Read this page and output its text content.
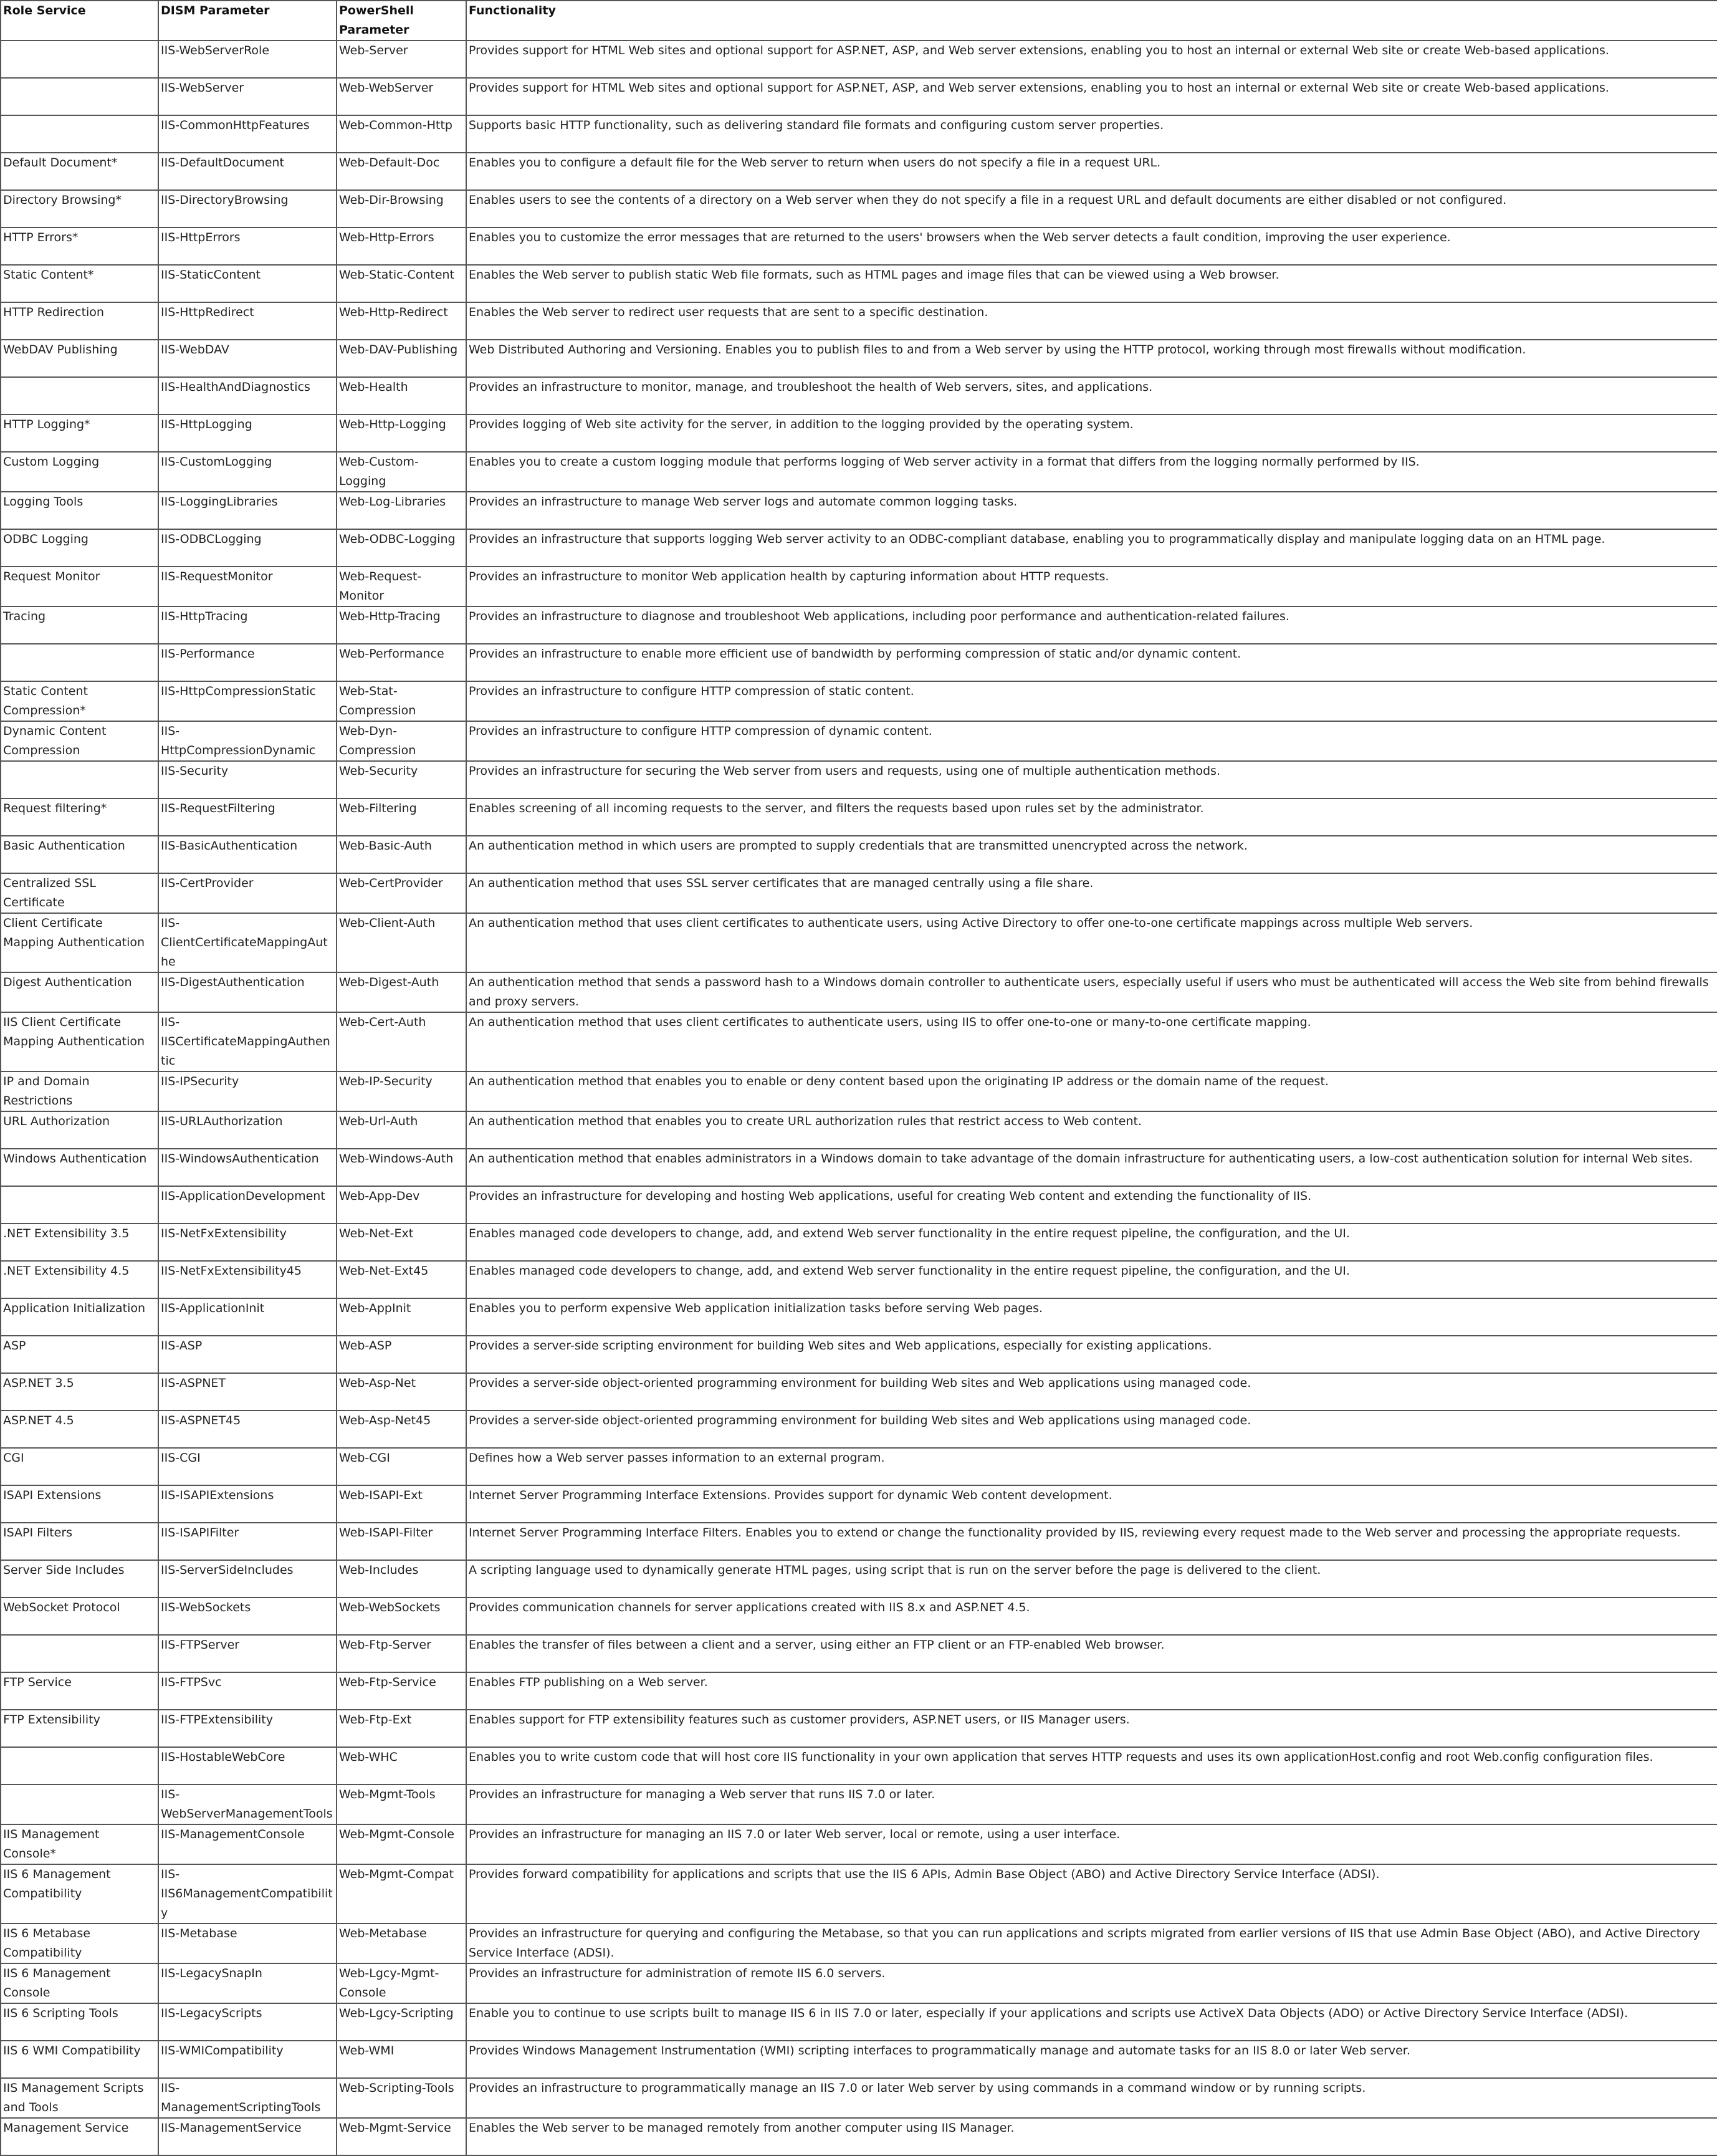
Role Service	DISM Parameter	PowerShell Parameter	Functionality
	IIS-WebServerRole	Web-Server	Provides support for HTML Web sites and optional support for ASP.NET, ASP, and Web server extensions, enabling you to host an internal or external Web site or create Web-based applications.
	IIS-WebServer	Web-WebServer	Provides support for HTML Web sites and optional support for ASP.NET, ASP, and Web server extensions, enabling you to host an internal or external Web site or create Web-based applications.
	IIS-CommonHttpFeatures	Web-Common-Http	Supports basic HTTP functionality, such as delivering standard file formats and configuring custom server properties.
Default Document*	IIS-DefaultDocument	Web-Default-Doc	Enables you to configure a default file for the Web server to return when users do not specify a file in a request URL.
Directory Browsing*	IIS-DirectoryBrowsing	Web-Dir-Browsing	Enables users to see the contents of a directory on a Web server when they do not specify a file in a request URL and default documents are either disabled or not configured.
HTTP Errors*	IIS-HttpErrors	Web-Http-Errors	Enables you to customize the error messages that are returned to the users' browsers when the Web server detects a fault condition, improving the user experience.
Static Content*	IIS-StaticContent	Web-Static-Content	Enables the Web server to publish static Web file formats, such as HTML pages and image files that can be viewed using a Web browser.
HTTP Redirection	IIS-HttpRedirect	Web-Http-Redirect	Enables the Web server to redirect user requests that are sent to a specific destination.
WebDAV Publishing	IIS-WebDAV	Web-DAV-Publishing	Web Distributed Authoring and Versioning. Enables you to publish files to and from a Web server by using the HTTP protocol, working through most firewalls without modification.
	IIS-HealthAndDiagnostics	Web-Health	Provides an infrastructure to monitor, manage, and troubleshoot the health of Web servers, sites, and applications.
HTTP Logging*	IIS-HttpLogging	Web-Http-Logging	Provides logging of Web site activity for the server, in addition to the logging provided by the operating system.
Custom Logging	IIS-CustomLogging	Web-Custom-Logging	Enables you to create a custom logging module that performs logging of Web server activity in a format that differs from the logging normally performed by IIS.
Logging Tools	IIS-LoggingLibraries	Web-Log-Libraries	Provides an infrastructure to manage Web server logs and automate common logging tasks.
ODBC Logging	IIS-ODBCLogging	Web-ODBC-Logging	Provides an infrastructure that supports logging Web server activity to an ODBC-compliant database, enabling you to programmatically display and manipulate logging data on an HTML page.
Request Monitor	IIS-RequestMonitor	Web-Request-Monitor	Provides an infrastructure to monitor Web application health by capturing information about HTTP requests.
Tracing	IIS-HttpTracing	Web-Http-Tracing	Provides an infrastructure to diagnose and troubleshoot Web applications, including poor performance and authentication-related failures.
	IIS-Performance	Web-Performance	Provides an infrastructure to enable more efficient use of bandwidth by performing compression of static and/or dynamic content.
Static Content Compression*	IIS-HttpCompressionStatic	Web-Stat-Compression	Provides an infrastructure to configure HTTP compression of static content.
Dynamic Content Compression	IIS-HttpCompressionDynamic	Web-Dyn-Compression	Provides an infrastructure to configure HTTP compression of dynamic content.
	IIS-Security	Web-Security	Provides an infrastructure for securing the Web server from users and requests, using one of multiple authentication methods.
Request filtering*	IIS-RequestFiltering	Web-Filtering	Enables screening of all incoming requests to the server, and filters the requests based upon rules set by the administrator.
Basic Authentication	IIS-BasicAuthentication	Web-Basic-Auth	An authentication method in which users are prompted to supply credentials that are transmitted unencrypted across the network.
Centralized SSL Certificate	IIS-CertProvider	Web-CertProvider	An authentication method that uses SSL server certificates that are managed centrally using a file share.
Client Certificate Mapping Authentication	IIS-ClientCertificateMappingAuthe	Web-Client-Auth	An authentication method that uses client certificates to authenticate users, using Active Directory to offer one-to-one certificate mappings across multiple Web servers.
Digest Authentication	IIS-DigestAuthentication	Web-Digest-Auth	An authentication method that sends a password hash to a Windows domain controller to authenticate users, especially useful if users who must be authenticated will access the Web site from behind firewalls and proxy servers.
IIS Client Certificate Mapping Authentication	IIS-IISCertificateMappingAuthentic	Web-Cert-Auth	An authentication method that uses client certificates to authenticate users, using IIS to offer one-to-one or many-to-one certificate mapping.
IP and Domain Restrictions	IIS-IPSecurity	Web-IP-Security	An authentication method that enables you to enable or deny content based upon the originating IP address or the domain name of the request.
URL Authorization	IIS-URLAuthorization	Web-Url-Auth	An authentication method that enables you to create URL authorization rules that restrict access to Web content.
Windows Authentication	IIS-WindowsAuthentication	Web-Windows-Auth	An authentication method that enables administrators in a Windows domain to take advantage of the domain infrastructure for authenticating users, a low-cost authentication solution for internal Web sites.
	IIS-ApplicationDevelopment	Web-App-Dev	Provides an infrastructure for developing and hosting Web applications, useful for creating Web content and extending the functionality of IIS.
.NET Extensibility 3.5	IIS-NetFxExtensibility	Web-Net-Ext	Enables managed code developers to change, add, and extend Web server functionality in the entire request pipeline, the configuration, and the UI.
.NET Extensibility 4.5	IIS-NetFxExtensibility45	Web-Net-Ext45	Enables managed code developers to change, add, and extend Web server functionality in the entire request pipeline, the configuration, and the UI.
Application Initialization	IIS-ApplicationInit	Web-AppInit	Enables you to perform expensive Web application initialization tasks before serving Web pages.
ASP	IIS-ASP	Web-ASP	Provides a server-side scripting environment for building Web sites and Web applications, especially for existing applications.
ASP.NET 3.5	IIS-ASPNET	Web-Asp-Net	Provides a server-side object-oriented programming environment for building Web sites and Web applications using managed code.
ASP.NET 4.5	IIS-ASPNET45	Web-Asp-Net45	Provides a server-side object-oriented programming environment for building Web sites and Web applications using managed code.
CGI	IIS-CGI	Web-CGI	Defines how a Web server passes information to an external program.
ISAPI Extensions	IIS-ISAPIExtensions	Web-ISAPI-Ext	Internet Server Programming Interface Extensions. Provides support for dynamic Web content development.
ISAPI Filters	IIS-ISAPIFilter	Web-ISAPI-Filter	Internet Server Programming Interface Filters. Enables you to extend or change the functionality provided by IIS, reviewing every request made to the Web server and processing the appropriate requests.
Server Side Includes	IIS-ServerSideIncludes	Web-Includes	A scripting language used to dynamically generate HTML pages, using script that is run on the server before the page is delivered to the client.
WebSocket Protocol	IIS-WebSockets	Web-WebSockets	Provides communication channels for server applications created with IIS 8.x and ASP.NET 4.5.
	IIS-FTPServer	Web-Ftp-Server	Enables the transfer of files between a client and a server, using either an FTP client or an FTP-enabled Web browser.
FTP Service	IIS-FTPSvc	Web-Ftp-Service	Enables FTP publishing on a Web server.
FTP Extensibility	IIS-FTPExtensibility	Web-Ftp-Ext	Enables support for FTP extensibility features such as customer providers, ASP.NET users, or IIS Manager users.
	IIS-HostableWebCore	Web-WHC	Enables you to write custom code that will host core IIS functionality in your own application that serves HTTP requests and uses its own applicationHost.config and root Web.config configuration files.
	IIS-WebServerManagementTools	Web-Mgmt-Tools	Provides an infrastructure for managing a Web server that runs IIS 7.0 or later.
IIS Management Console*	IIS-ManagementConsole	Web-Mgmt-Console	Provides an infrastructure for managing an IIS 7.0 or later Web server, local or remote, using a user interface.
IIS 6 Management Compatibility	IIS-IIS6ManagementCompatibility	Web-Mgmt-Compat	Provides forward compatibility for applications and scripts that use the IIS 6 APIs, Admin Base Object (ABO) and Active Directory Service Interface (ADSI).
IIS 6 Metabase Compatibility	IIS-Metabase	Web-Metabase	Provides an infrastructure for querying and configuring the Metabase, so that you can run applications and scripts migrated from earlier versions of IIS that use Admin Base Object (ABO), and Active Directory Service Interface (ADSI).
IIS 6 Management Console	IIS-LegacySnapIn	Web-Lgcy-Mgmt-Console	Provides an infrastructure for administration of remote IIS 6.0 servers.
IIS 6 Scripting Tools	IIS-LegacyScripts	Web-Lgcy-Scripting	Enable you to continue to use scripts built to manage IIS 6 in IIS 7.0 or later, especially if your applications and scripts use ActiveX Data Objects (ADO) or Active Directory Service Interface (ADSI).
IIS 6 WMI Compatibility	IIS-WMICompatibility	Web-WMI	Provides Windows Management Instrumentation (WMI) scripting interfaces to programmatically manage and automate tasks for an IIS 8.0 or later Web server.
IIS Management Scripts and Tools	IIS-ManagementScriptingTools	Web-Scripting-Tools	Provides an infrastructure to programmatically manage an IIS 7.0 or later Web server by using commands in a command window or by running scripts.
Management Service	IIS-ManagementService	Web-Mgmt-Service	Enables the Web server to be managed remotely from another computer using IIS Manager.
